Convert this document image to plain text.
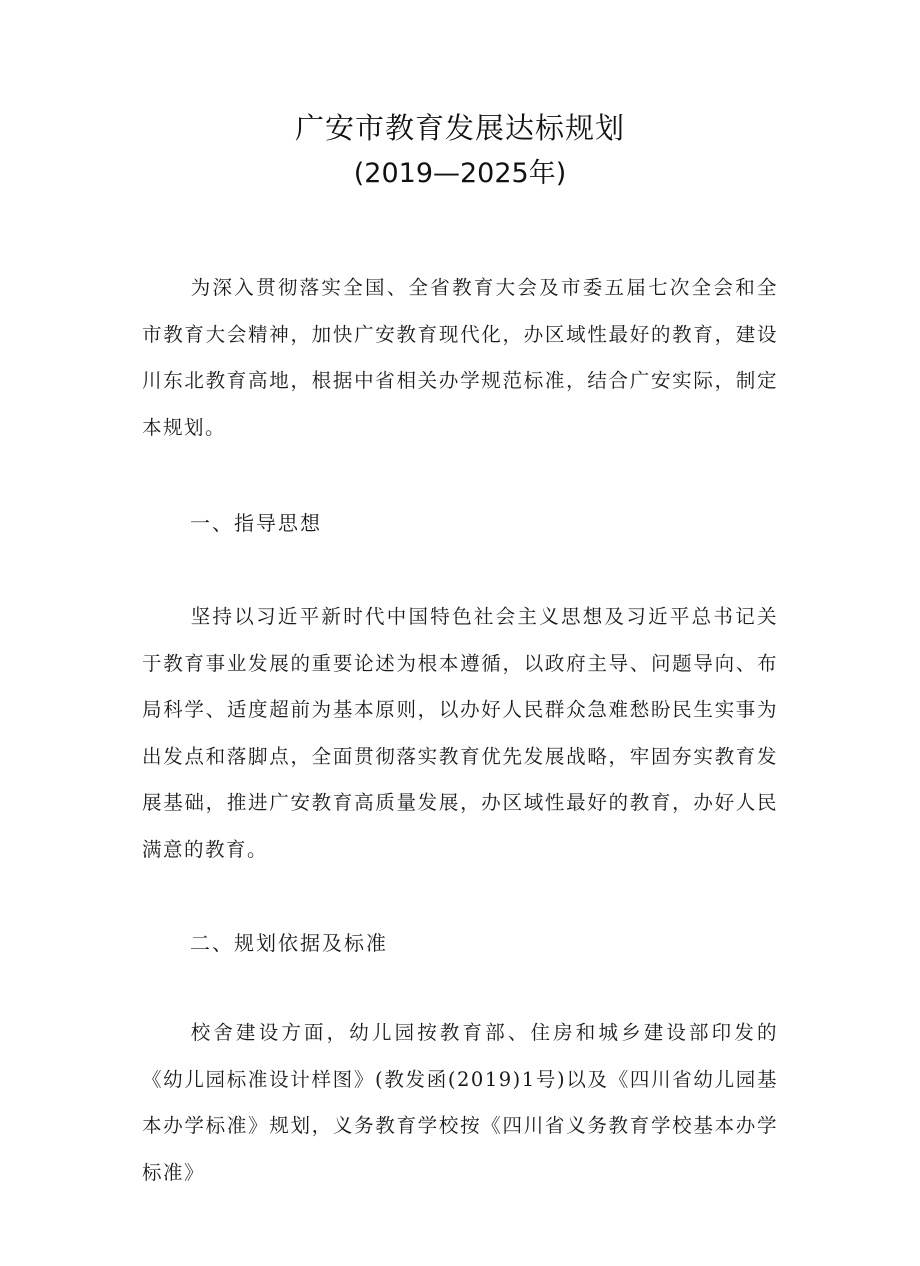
广安市教育发展达标规划
(2019—2025年)

为深入贯彻落实全国、全省教育大会及市委五届七次全会和全市教育大会精神，加快广安教育现代化，办区域性最好的教育，建设川东北教育高地，根据中省相关办学规范标准，结合广安实际，制定本规划。

一、指导思想

坚持以习近平新时代中国特色社会主义思想及习近平总书记关于教育事业发展的重要论述为根本遵循，以政府主导、问题导向、布局科学、适度超前为基本原则，以办好人民群众急难愁盼民生实事为出发点和落脚点，全面贯彻落实教育优先发展战略，牢固夯实教育发展基础，推进广安教育高质量发展，办区域性最好的教育，办好人民满意的教育。

二、规划依据及标准

校舍建设方面，幼儿园按教育部、住房和城乡建设部印发的《幼儿园标准设计样图》(教发函(2019)1号)以及《四川省幼儿园基本办学标准》规划，义务教育学校按《四川省义务教育学校基本办学标准》
